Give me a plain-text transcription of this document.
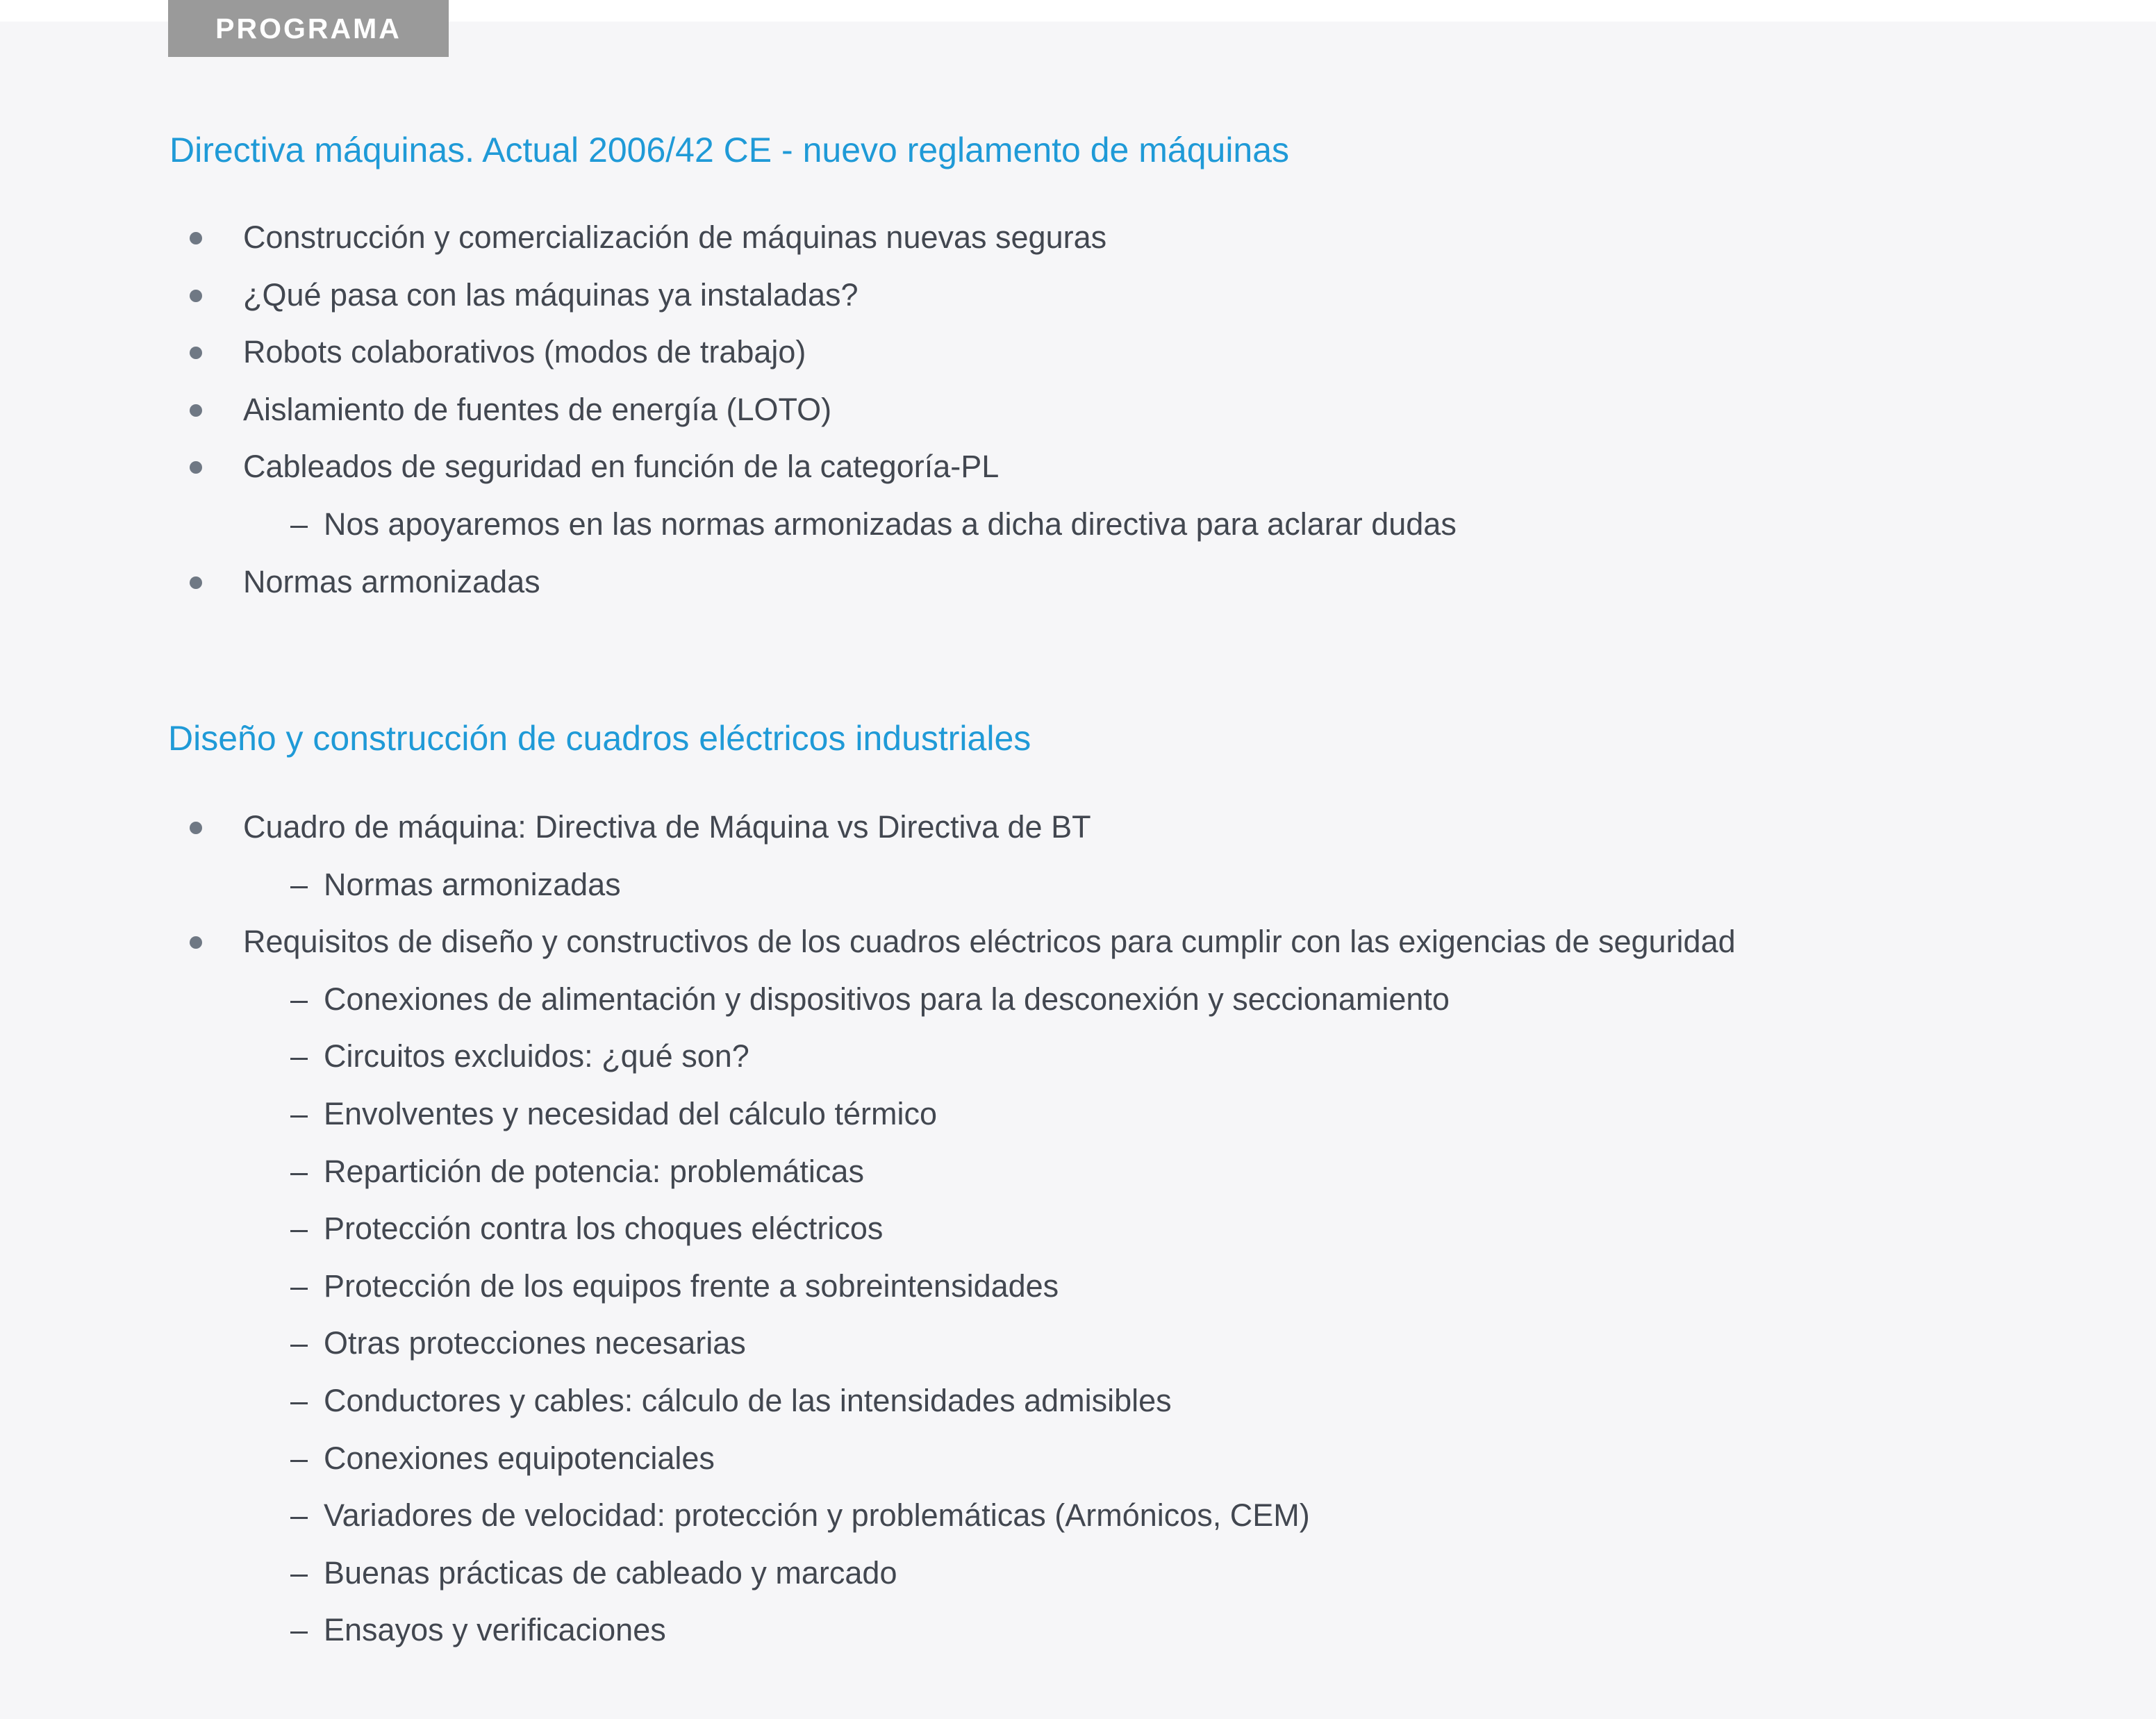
PROGRAMA
Directiva máquinas. Actual 2006/42 CE - nuevo reglamento de máquinas
Construcción y comercialización de máquinas nuevas seguras
¿Qué pasa con las máquinas ya instaladas?
Robots colaborativos (modos de trabajo)
Aislamiento de fuentes de energía (LOTO)
Cableados de seguridad en función de la categoría-PL
– Nos apoyaremos en las normas armonizadas a dicha directiva para aclarar dudas
Normas armonizadas
Diseño y construcción de cuadros eléctricos industriales
Cuadro de máquina: Directiva de Máquina vs Directiva de BT
– Normas armonizadas
Requisitos de diseño y constructivos de los cuadros eléctricos para cumplir con las exigencias de seguridad
– Conexiones de alimentación y dispositivos para la desconexión y seccionamiento
– Circuitos excluidos: ¿qué son?
– Envolventes y necesidad del cálculo térmico
– Repartición de potencia: problemáticas
– Protección contra los choques eléctricos
– Protección de los equipos frente a sobreintensidades
– Otras protecciones necesarias
– Conductores y cables: cálculo de las intensidades admisibles
– Conexiones equipotenciales
– Variadores de velocidad: protección y problemáticas (Armónicos, CEM)
– Buenas prácticas de cableado y marcado
– Ensayos y verificaciones
